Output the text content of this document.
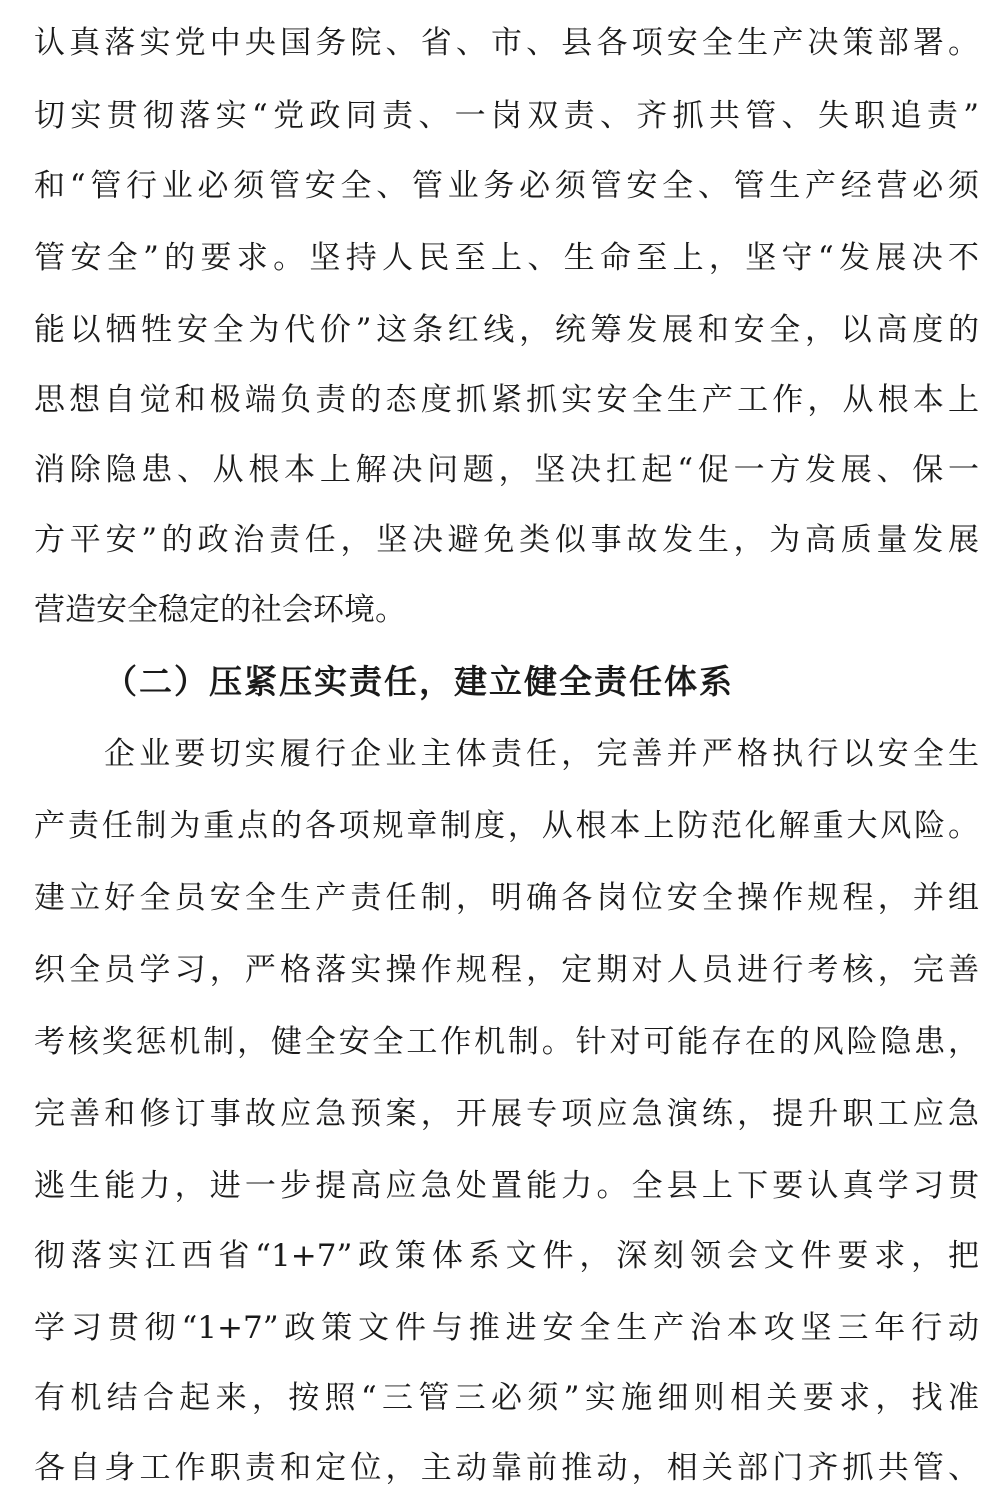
认真落实党中央国务院、省、市、县各项安全生产决策部署。
切实贯彻落实“党政同责、一岗双责、齐抓共管、失职追责”
和“管行业必须管安全、管业务必须管安全、管生产经营必须
管安全”的要求。坚持人民至上、生命至上，坚守“发展决不
能以牺牲安全为代价”这条红线，统筹发展和安全，以高度的
思想自觉和极端负责的态度抓紧抓实安全生产工作，从根本上
消除隐患、从根本上解决问题，坚决扛起“促一方发展、保一
方平安”的政治责任，坚决避免类似事故发生，为高质量发展
营造安全稳定的社会环境。
（二）压紧压实责任，建立健全责任体系
企业要切实履行企业主体责任，完善并严格执行以安全生
产责任制为重点的各项规章制度，从根本上防范化解重大风险。
建立好全员安全生产责任制，明确各岗位安全操作规程，并组
织全员学习，严格落实操作规程，定期对人员进行考核，完善
考核奖惩机制，健全安全工作机制。针对可能存在的风险隐患，
完善和修订事故应急预案，开展专项应急演练，提升职工应急
逃生能力，进一步提高应急处置能力。全县上下要认真学习贯
彻落实江西省“1+7”政策体系文件，深刻领会文件要求，把
学习贯彻“1+7”政策文件与推进安全生产治本攻坚三年行动
有机结合起来，按照“三管三必须”实施细则相关要求，找准
各自身工作职责和定位，主动靠前推动，相关部门齐抓共管、
